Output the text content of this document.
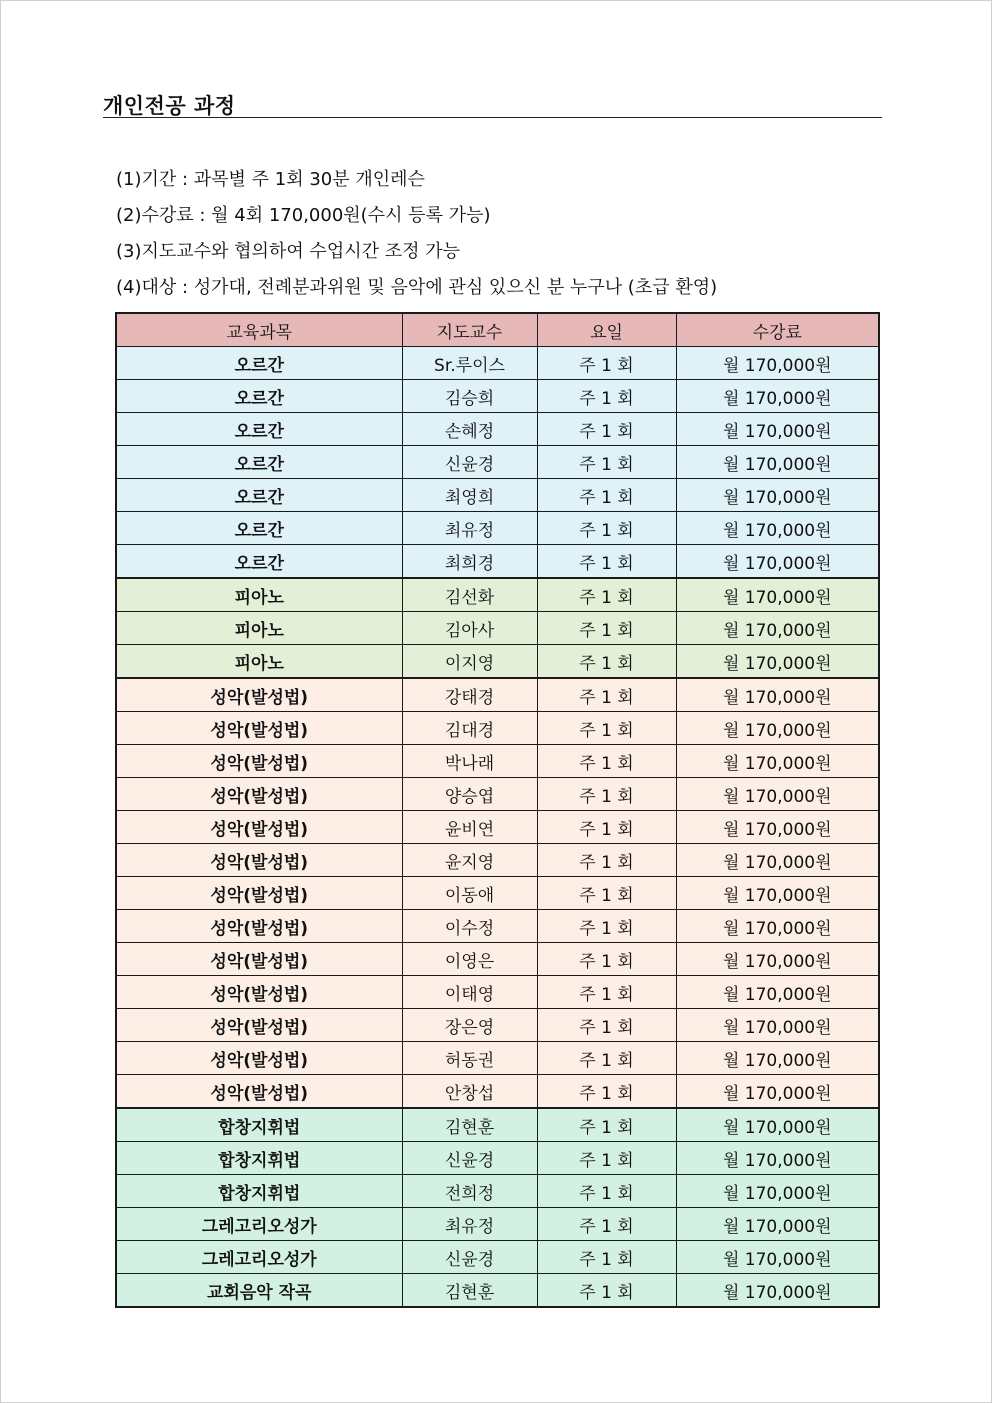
개인전공 과정
(1)기간 : 과목별 주 1회 30분 개인레슨
(2)수강료 : 월 4회 170,000원(수시 등록 가능)
(3)지도교수와 협의하여 수업시간 조정 가능
(4)대상 : 성가대, 전례분과위원 및 음악에 관심 있으신 분 누구나 (초급 환영)
교육과목	지도교수	요일	수강료
오르간	Sr.루이스	주 1 회	월 170,000원
오르간	김승희	주 1 회	월 170,000원
오르간	손혜정	주 1 회	월 170,000원
오르간	신윤경	주 1 회	월 170,000원
오르간	최영희	주 1 회	월 170,000원
오르간	최유정	주 1 회	월 170,000원
오르간	최희경	주 1 회	월 170,000원
피아노	김선화	주 1 회	월 170,000원
피아노	김아사	주 1 회	월 170,000원
피아노	이지영	주 1 회	월 170,000원
성악(발성법)	강태경	주 1 회	월 170,000원
성악(발성법)	김대경	주 1 회	월 170,000원
성악(발성법)	박나래	주 1 회	월 170,000원
성악(발성법)	양승엽	주 1 회	월 170,000원
성악(발성법)	윤비연	주 1 회	월 170,000원
성악(발성법)	윤지영	주 1 회	월 170,000원
성악(발성법)	이동애	주 1 회	월 170,000원
성악(발성법)	이수정	주 1 회	월 170,000원
성악(발성법)	이영은	주 1 회	월 170,000원
성악(발성법)	이태영	주 1 회	월 170,000원
성악(발성법)	장은영	주 1 회	월 170,000원
성악(발성법)	허동권	주 1 회	월 170,000원
성악(발성법)	안창섭	주 1 회	월 170,000원
합창지휘법	김현훈	주 1 회	월 170,000원
합창지휘법	신윤경	주 1 회	월 170,000원
합창지휘법	전희정	주 1 회	월 170,000원
그레고리오성가	최유정	주 1 회	월 170,000원
그레고리오성가	신윤경	주 1 회	월 170,000원
교회음악 작곡	김현훈	주 1 회	월 170,000원
